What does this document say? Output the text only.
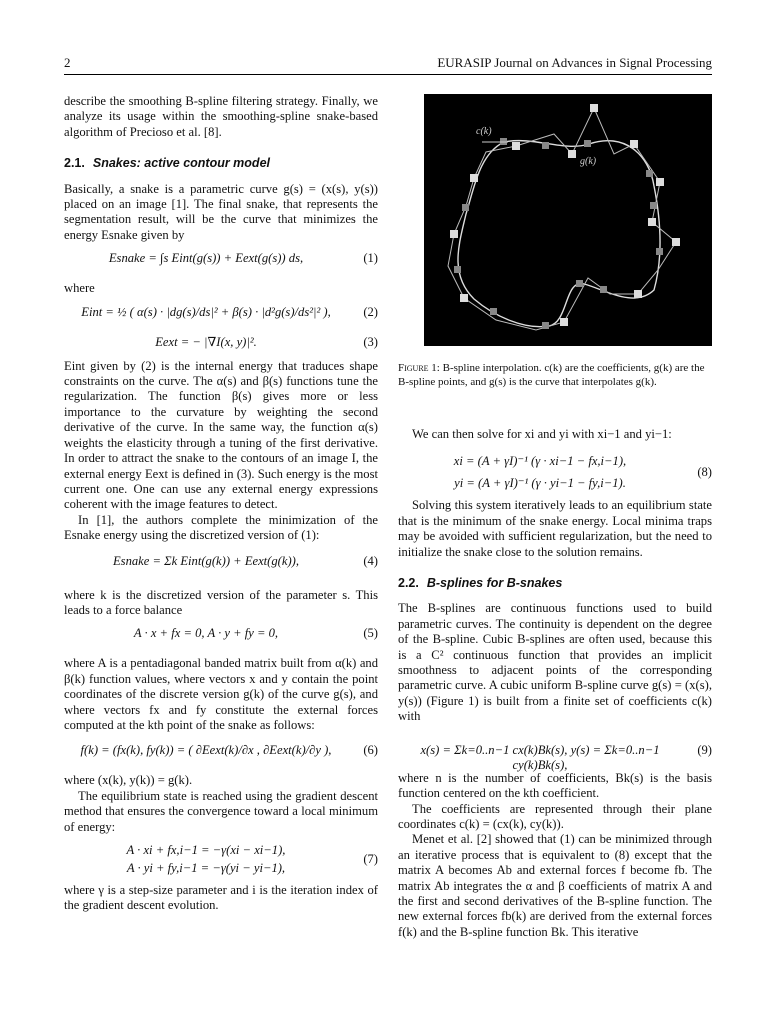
2	EURASIP Journal on Advances in Signal Processing

describe the smoothing B-spline filtering strategy. Finally, we analyze its usage within the smoothing-spline snake-based algorithm of Precioso et al. [8].

2.1. Snakes: active contour model

Basically, a snake is a parametric curve g(s) = (x(s), y(s)) placed on an image [1]. The final snake, that represents the segmentation result, will be the curve that minimizes the energy Esnake given by

Esnake = ∫s Eint(g(s)) + Eext(g(s)) ds,	(1)

where

Eint = ½ ( α(s) · |dg(s)/ds|² + β(s) · |d²g(s)/ds²|² ),	(2)
Eext = − |∇I(x, y)|².	(3)

Eint given by (2) is the internal energy that traduces shape constraints on the curve. The α(s) and β(s) functions tune the regularization. The function β(s) gives more or less importance to the curvature by weighting the second derivative of the curve. In the same way, the function α(s) weights the elasticity through a tuning of the first derivative. In order to attract the snake to the contours of an image I, the external energy Eext is defined in (3). Such energy is the most current one. One can use any external energy expressions coherent with the image features to detect.

In [1], the authors complete the minimization of the Esnake energy using the discretized version of (1):

Esnake = Σk Eint(g(k)) + Eext(g(k)),	(4)

where k is the discretized version of the parameter s. This leads to a force balance

A · x + fx = 0, A · y + fy = 0,	(5)

where A is a pentadiagonal banded matrix built from α(k) and β(k) function values, where vectors x and y contain the point coordinates of the discrete version g(k) of the curve g(s), and where vectors fx and fy constitute the external forces computed at the kth point of the snake as follows:

f(k) = (fx(k), fy(k)) = ( ∂Eext(k)/∂x , ∂Eext(k)/∂y ),	(6)

where (x(k), y(k)) = g(k).

The equilibrium state is reached using the gradient descent method that ensures the convergence toward a local minimum of energy:

A · xi + fx,i−1 = −γ(xi − xi−1),
A · yi + fy,i−1 = −γ(yi − yi−1),
(7)

where γ is a step-size parameter and i is the iteration index of the gradient descent evolution.

c(k)
g(k)
Figure 1: B-spline interpolation. c(k) are the coefficients, g(k) are the B-spline points, and g(s) is the curve that interpolates g(k).

We can then solve for xi and yi with xi−1 and yi−1:

xi = (A + γI)⁻¹ (γ · xi−1 − fx,i−1),
yi = (A + γI)⁻¹ (γ · yi−1 − fy,i−1).
(8)

Solving this system iteratively leads to an equilibrium state that is the minimum of the snake energy. Local minima traps may be avoided with sufficient regularization, but the need to initialize the snake close to the solution remains.

2.2. B-splines for B-snakes

The B-splines are continuous functions used to build parametric curves. The continuity is dependent on the degree of the B-spline. Cubic B-splines are often used, because this is a C² continuous function that provides an implicit smoothness to adjacent points of the corresponding parametric curve. A cubic uniform B-spline curve g(s) = (x(s), y(s)) (Figure 1) is built from a finite set of coefficients c(k) with

x(s) = Σk=0..n−1 cx(k)Bk(s), y(s) = Σk=0..n−1 cy(k)Bk(s),
(9)

where n is the number of coefficients, Bk(s) is the basis function centered on the kth coefficient.

The coefficients are represented through their plane coordinates c(k) = (cx(k), cy(k)).

Menet et al. [2] showed that (1) can be minimized through an iterative process that is equivalent to (8) except that the matrix A becomes Ab and external forces f become fb. The matrix Ab integrates the α and β coefficients of matrix A and the first and second derivatives of the B-spline function. The new external forces fb(k) are derived from the external forces f(k) and the B-spline function Bk. This iterative
